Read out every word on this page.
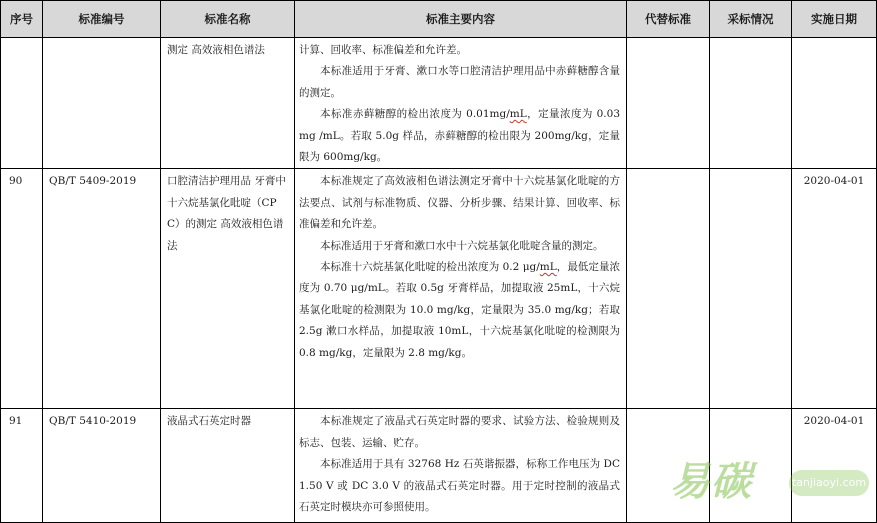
序号	标准编号	标准名称	标准主要内容	代替标准	采标情况	实施日期

		测定 高效液相色谱法	计算、回收率、标准偏差和允许差。

本标准适用于牙膏、漱口水等口腔清洁护理用品中赤藓糖醇含量的测定。

本标准赤藓糖醇的检出浓度为 0.01mg/mL，定量浓度为 0.03mg /mL。若取 5.0g 样品，赤藓糖醇的检出限为 200mg/kg，定量限为 600mg/kg。			

90	QB/T 5409-2019	口腔清洁护理用品 牙膏中十六烷基氯化吡啶（CPC）的测定 高效液相色谱法	本标准规定了高效液相色谱法测定牙膏中十六烷基氯化吡啶的方法要点、试剂与标准物质、仪器、分析步骤、结果计算、回收率、标准偏差和允许差。

本标准适用于牙膏和漱口水中十六烷基氯化吡啶含量的测定。

本标准十六烷基氯化吡啶的检出浓度为 0.2 μg/mL，最低定量浓度为 0.70 μg/mL。若取 0.5g 牙膏样品，加提取液 25mL，十六烷基氯化吡啶的检测限为 10.0 mg/kg，定量限为 35.0 mg/kg；若取 2.5g 漱口水样品，加提取液 10mL，十六烷基氯化吡啶的检测限为 0.8 mg/kg，定量限为 2.8 mg/kg。			2020-04-01

91	QB/T 5410-2019	液晶式石英定时器	本标准规定了液晶式石英定时器的要求、试验方法、检验规则及标志、包装、运输、贮存。

本标准适用于具有 32768 Hz 石英谐振器，标称工作电压为 DC 1.50 V 或 DC 3.0 V 的液晶式石英定时器。用于定时控制的液晶式石英定时模块亦可参照使用。			2020-04-01
易碳	tanjiaoyi.com
